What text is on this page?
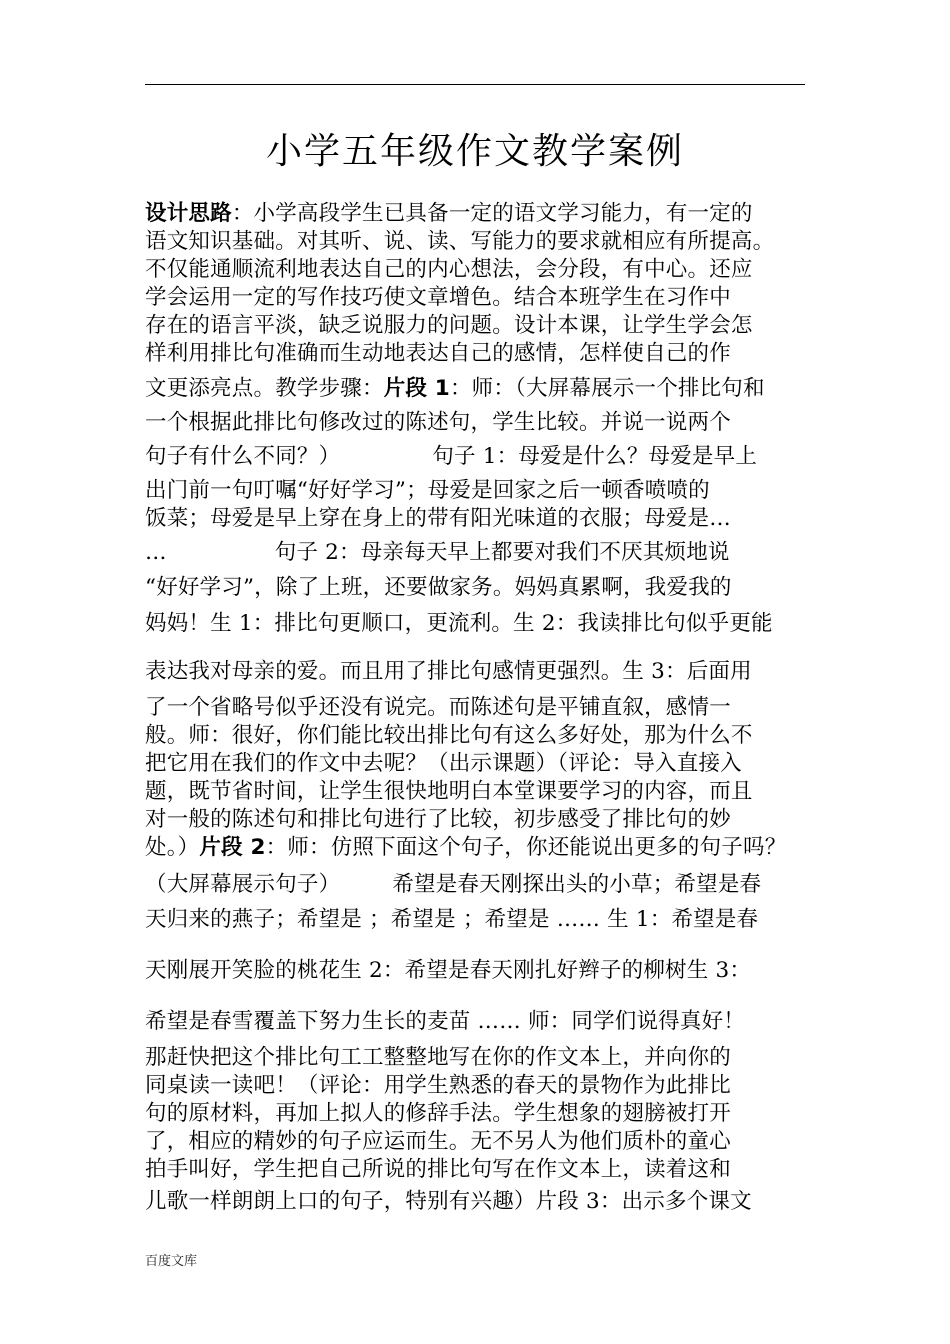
小学五年级作文教学案例
设计思路：小学高段学生已具备一定的语文学习能力，有一定的
语文知识基础。对其听、说、读、写能力的要求就相应有所提高。
不仅能通顺流利地表达自己的内心想法，会分段，有中心。还应
学会运用一定的写作技巧使文章增色。结合本班学生在习作中
存在的语言平淡，缺乏说服力的问题。设计本课，让学生学会怎
样利用排比句准确而生动地表达自己的感情，怎样使自己的作
文更添亮点。教学步骤：片段 1：师：（大屏幕展示一个排比句和
一个根据此排比句修改过的陈述句，学生比较。并说一说两个
句子有什么不同？）	句子 1：母爱是什么？母爱是早上
出门前一句叮嘱“好好学习”；母爱是回家之后一顿香喷喷的
饭菜；母爱是早上穿在身上的带有阳光味道的衣服；母爱是…
…	句子 2：母亲每天早上都要对我们不厌其烦地说
“好好学习”，除了上班，还要做家务。妈妈真累啊，我爱我的
妈妈！生 1：排比句更顺口，更流利。生 2：我读排比句似乎更能
表达我对母亲的爱。而且用了排比句感情更强烈。生 3：后面用
了一个省略号似乎还没有说完。而陈述句是平铺直叙，感情一
般。师：很好，你们能比较出排比句有这么多好处，那为什么不
把它用在我们的作文中去呢？（出示课题）（评论：导入直接入
题，既节省时间，让学生很快地明白本堂课要学习的内容，而且
对一般的陈述句和排比句进行了比较，初步感受了排比句的妙
处。）片段 2：师：仿照下面这个句子，你还能说出更多的句子吗？
（大屏幕展示句子） 希望是春天刚探出头的小草；希望是春
天归来的燕子；希望是 ；希望是 ；希望是 …… 生 1：希望是春
天刚展开笑脸的桃花生 2：希望是春天刚扎好辫子的柳树生 3：
希望是春雪覆盖下努力生长的麦苗 …… 师：同学们说得真好！
那赶快把这个排比句工工整整地写在你的作文本上，并向你的
同桌读一读吧！（评论：用学生熟悉的春天的景物作为此排比
句的原材料，再加上拟人的修辞手法。学生想象的翅膀被打开
了，相应的精妙的句子应运而生。无不另人为他们质朴的童心
拍手叫好，学生把自己所说的排比句写在作文本上，读着这和
儿歌一样朗朗上口的句子，特别有兴趣）片段 3：出示多个课文
百度文库
